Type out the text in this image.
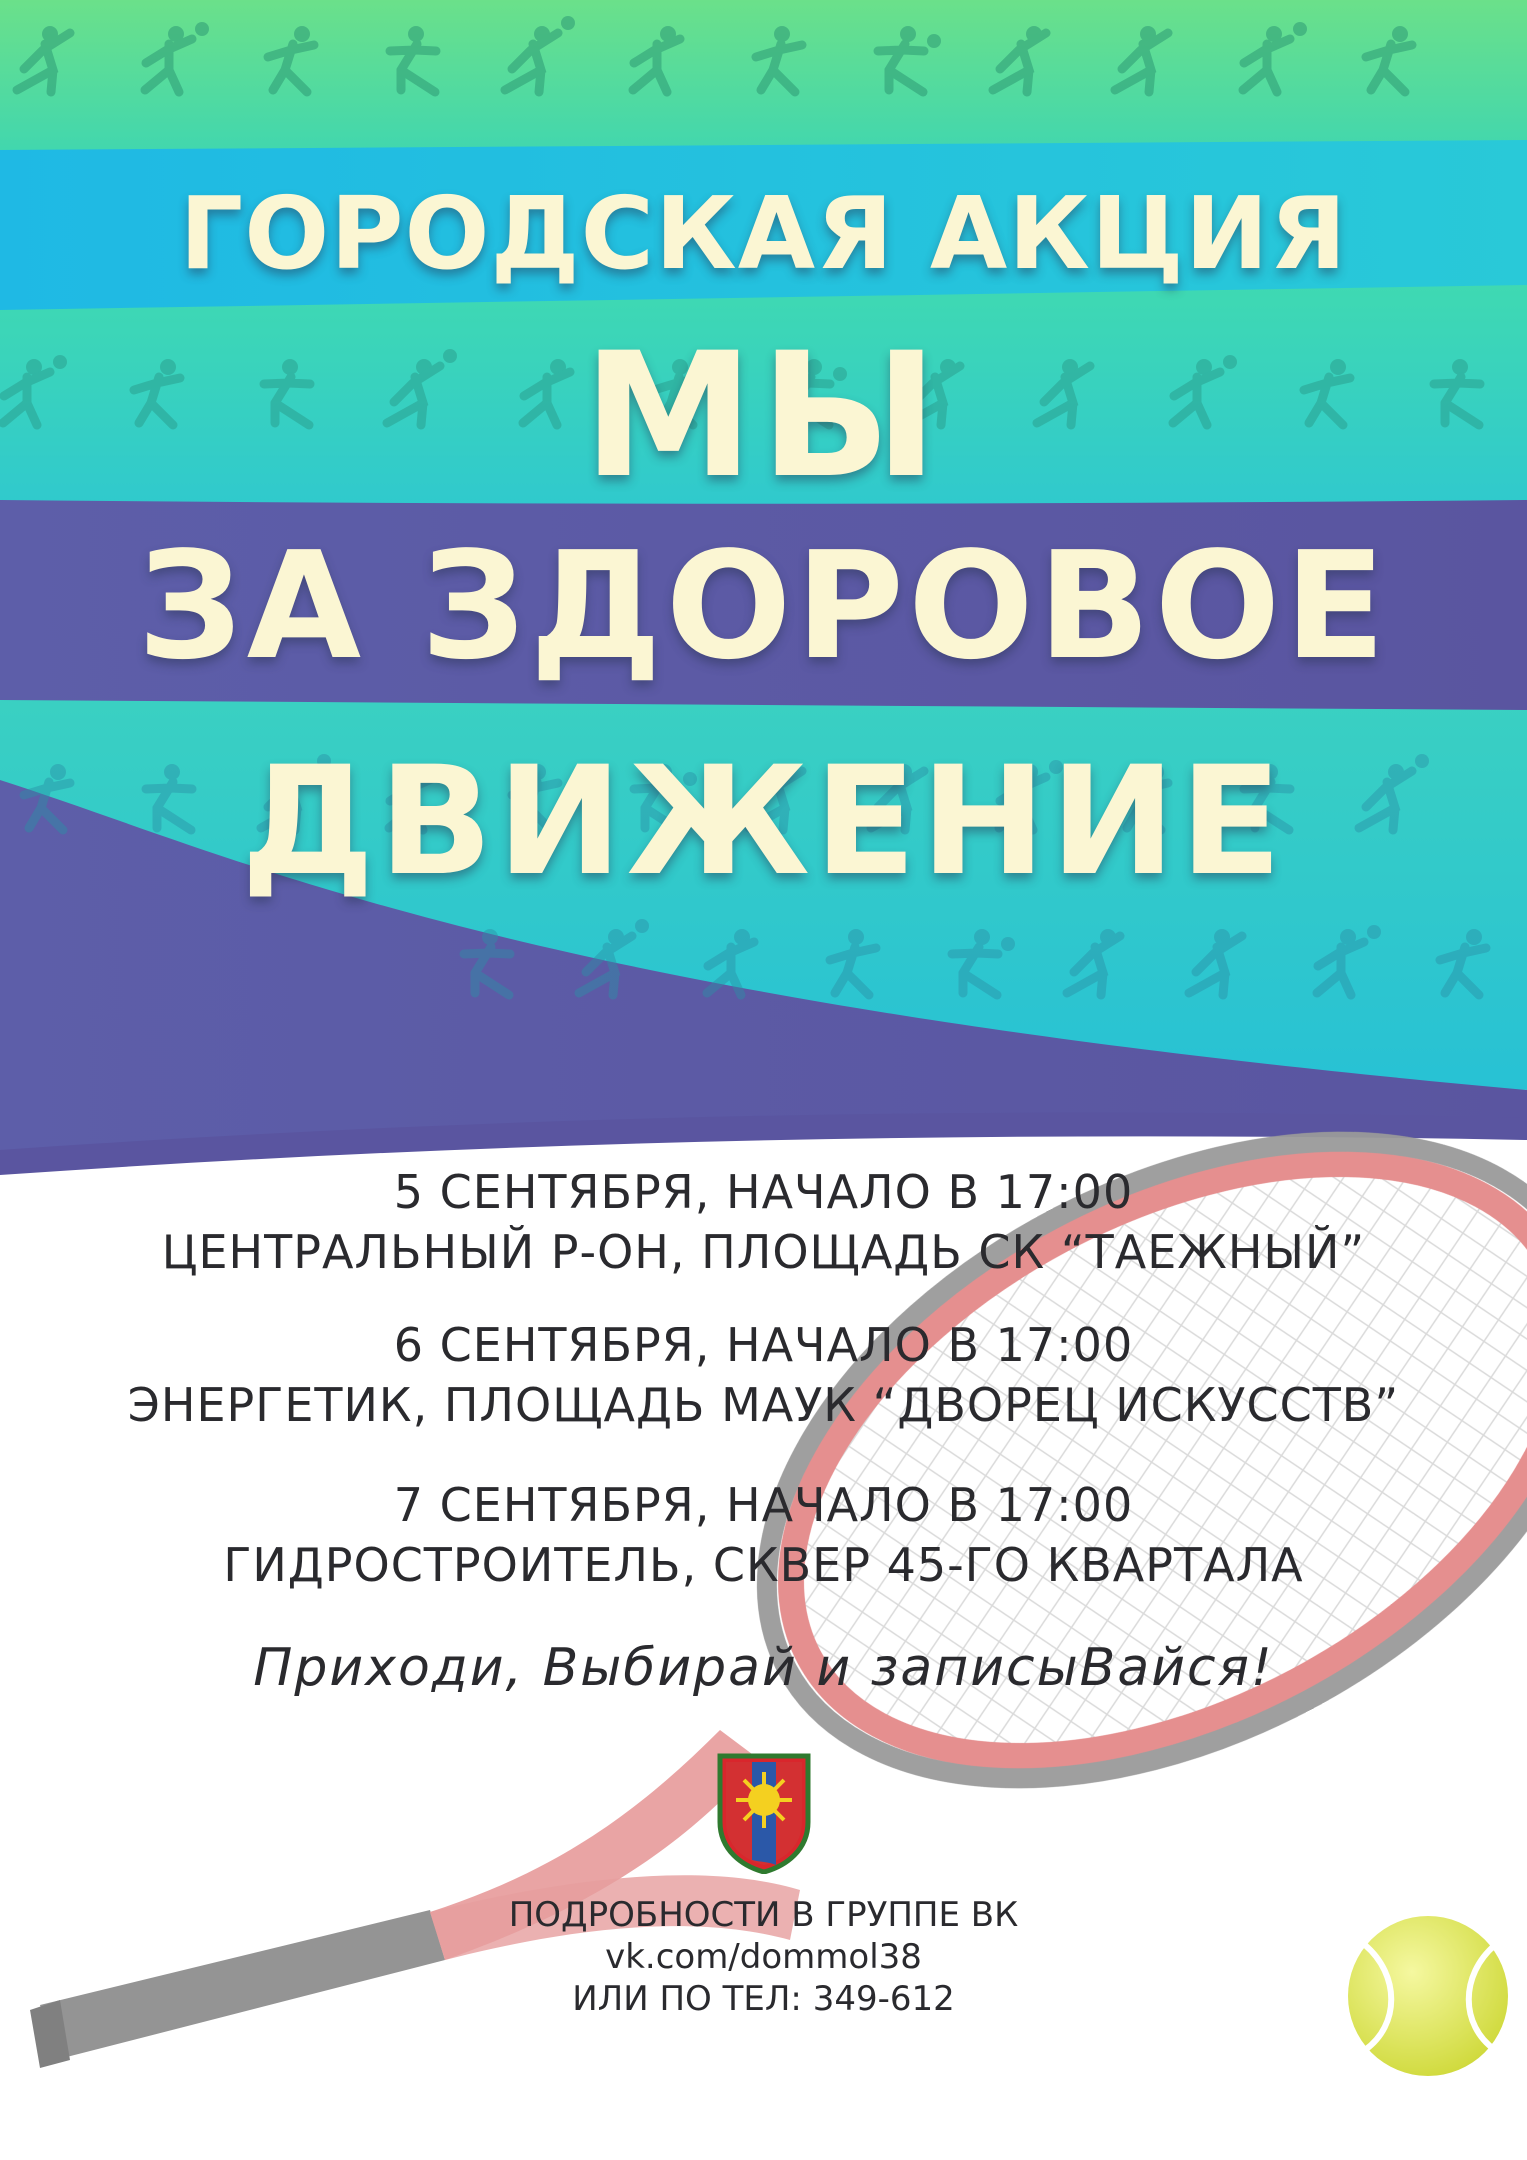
ГОРОДСКАЯ АКЦИЯ
МЫ
ЗА ЗДОРОВОЕ
ДВИЖЕНИЕ
5 СЕНТЯБРЯ, НАЧАЛО В 17:00
ЦЕНТРАЛЬНЫЙ Р-ОН, ПЛОЩАДЬ СК “ТАЕЖНЫЙ”
6 СЕНТЯБРЯ, НАЧАЛО В 17:00
ЭНЕРГЕТИК, ПЛОЩАДЬ МАУК “ДВОРЕЦ ИСКУССТВ”
7 СЕНТЯБРЯ, НАЧАЛО В 17:00
ГИДРОСТРОИТЕЛЬ, СКВЕР 45-ГО КВАРТАЛА
Приходи, Выбирай и записыВайся!
ПОДРОБНОСТИ В ГРУППЕ ВК
vk.com/dommol38
ИЛИ ПО ТЕЛ: 349-612
